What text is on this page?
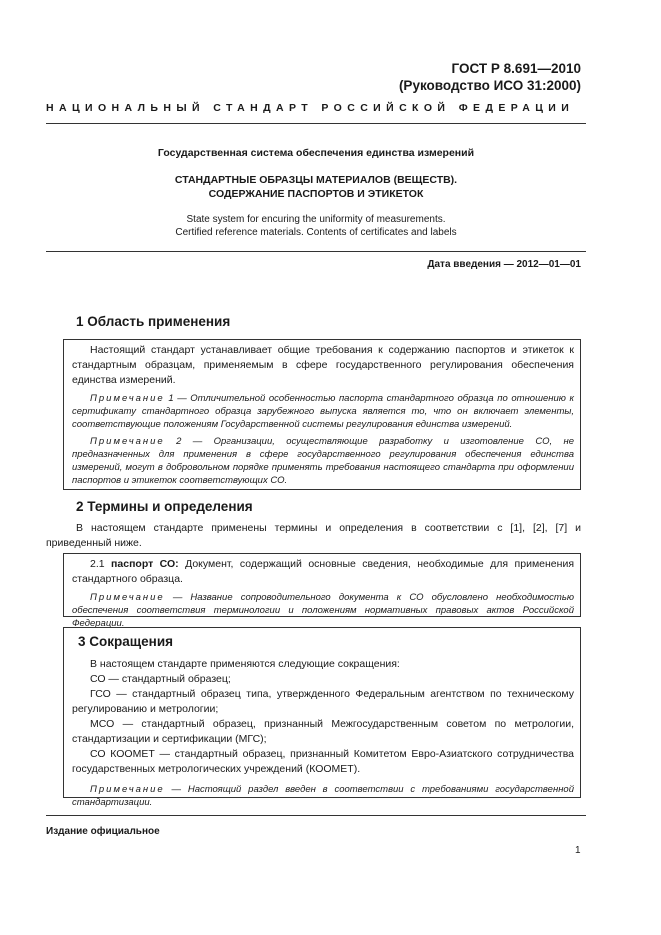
ГОСТ Р 8.691—2010
(Руководство ИСО 31:2000)
НАЦИОНАЛЬНЫЙ СТАНДАРТ РОССИЙСКОЙ ФЕДЕРАЦИИ
Государственная система обеспечения единства измерений
СТАНДАРТНЫЕ ОБРАЗЦЫ МАТЕРИАЛОВ (ВЕЩЕСТВ).
СОДЕРЖАНИЕ ПАСПОРТОВ И ЭТИКЕТОК
State system for encuring the uniformity of measurements.
Certified reference materials. Contents of certificates and labels
Дата введения — 2012—01—01
1 Область применения

Настоящий стандарт устанавливает общие требования к содержанию паспортов и этикеток к стандартным образцам, применяемым в сфере государственного регулирования обеспечения единства измерений.

Примечание 1 — Отличительной особенностью паспорта стандартного образца по отношению к сертификату стандартного образца зарубежного выпуска является то, что он включает элементы, соответствующие положениям Государственной системы регулирования единства измерений.

Примечание 2 — Организации, осуществляющие разработку и изготовление СО, не предназначенных для применения в сфере государственного регулирования обеспечения единства измерений, могут в добровольном порядке применять требования настоящего стандарта при оформлении паспортов и этикеток соответствующих СО.

2 Термины и определения

В настоящем стандарте применены термины и определения в соответствии с [1], [2], [7] и приведенный ниже.

2.1 паспорт СО: Документ, содержащий основные сведения, необходимые для применения стандартного образца.

Примечание — Название сопроводительного документа к СО обусловлено необходимостью обеспечения соответствия терминологии и положениям нормативных правовых актов Российской Федерации.

3 Сокращения

В настоящем стандарте применяются следующие сокращения:

СО — стандартный образец;

ГСО — стандартный образец типа, утвержденного Федеральным агентством по техническому регулированию и метрологии;

МСО — стандартный образец, признанный Межгосударственным советом по метрологии, стандартизации и сертификации (МГС);

СО КООМЕТ — стандартный образец, признанный Комитетом Евро-Азиатского сотрудничества государственных метрологических учреждений (КООМЕТ).

Примечание — Настоящий раздел введен в соответствии с требованиями государственной стандартизации.

Издание официальное
1
